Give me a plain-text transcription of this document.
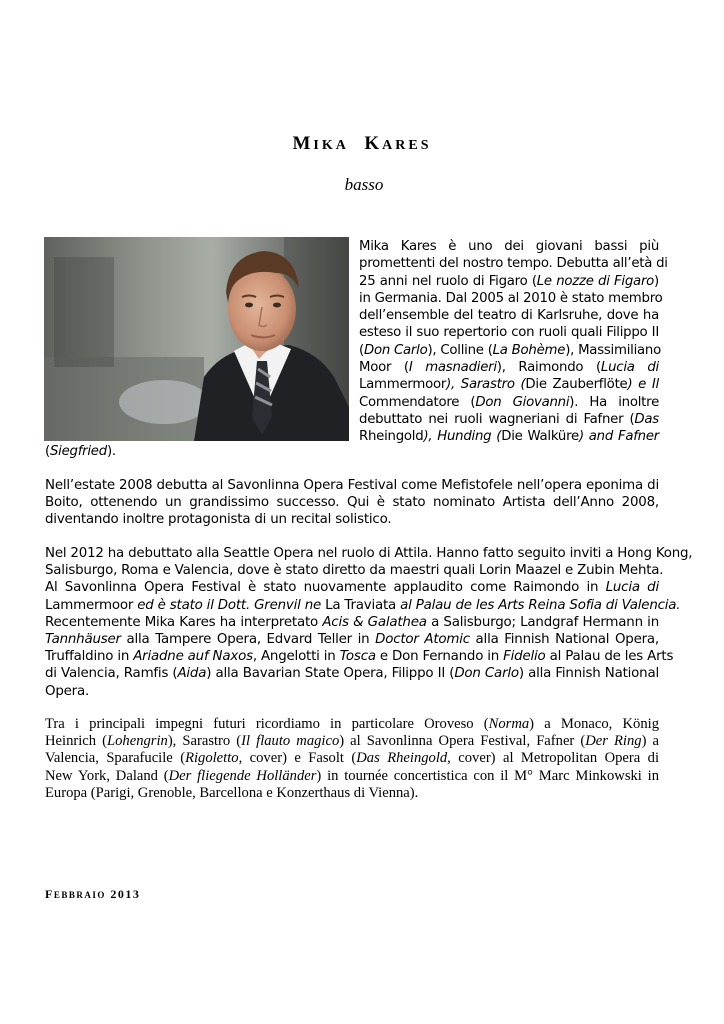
MIKA KARES
basso
Mika Kares è uno dei giovani bassi più
promettenti del nostro tempo. Debutta all’età di
25 anni nel ruolo di Figaro (Le nozze di Figaro)
in Germania. Dal 2005 al 2010 è stato membro
dell’ensemble del teatro di Karlsruhe, dove ha
esteso il suo repertorio con ruoli quali Filippo II
(Don Carlo), Colline (La Bohème), Massimiliano
Moor (I masnadieri), Raimondo (Lucia di
Lammermoor), Sarastro (Die Zauberflöte) e Il
Commendatore (Don Giovanni). Ha inoltre
debuttato nei ruoli wagneriani di Fafner (Das
Rheingold), Hunding (Die Walküre) and Fafner
(Siegfried).
Nell’estate 2008 debutta al Savonlinna Opera Festival come Mefistofele nell’opera eponima di
Boito, ottenendo un grandissimo successo. Qui è stato nominato Artista dell’Anno 2008,
diventando inoltre protagonista di un recital solistico.
Nel 2012 ha debuttato alla Seattle Opera nel ruolo di Attila. Hanno fatto seguito inviti a Hong Kong,
Salisburgo, Roma e Valencia, dove è stato diretto da maestri quali Lorin Maazel e Zubin Mehta.
Al Savonlinna Opera Festival è stato nuovamente applaudito come Raimondo in Lucia di
Lammermoor ed è stato il Dott. Grenvil ne La Traviata al Palau de les Arts Reina Sofia di Valencia.
Recentemente Mika Kares ha interpretato Acis & Galathea a Salisburgo; Landgraf Hermann in
Tannhäuser alla Tampere Opera, Edvard Teller in Doctor Atomic alla Finnish National Opera,
Truffaldino in Ariadne auf Naxos, Angelotti in Tosca e Don Fernando in Fidelio al Palau de les Arts
di Valencia, Ramfis (Aida) alla Bavarian State Opera, Filippo II (Don Carlo) alla Finnish National
Opera.
Tra i principali impegni futuri ricordiamo in particolare Oroveso (Norma) a Monaco, König
Heinrich (Lohengrin), Sarastro (Il flauto magico) al Savonlinna Opera Festival, Fafner (Der Ring) a
Valencia, Sparafucile (Rigoletto, cover) e Fasolt (Das Rheingold, cover) al Metropolitan Opera di
New York, Daland (Der fliegende Holländer) in tournée concertistica con il M° Marc Minkowski in
Europa (Parigi, Grenoble, Barcellona e Konzerthaus di Vienna).
FEBBRAIO 2013
